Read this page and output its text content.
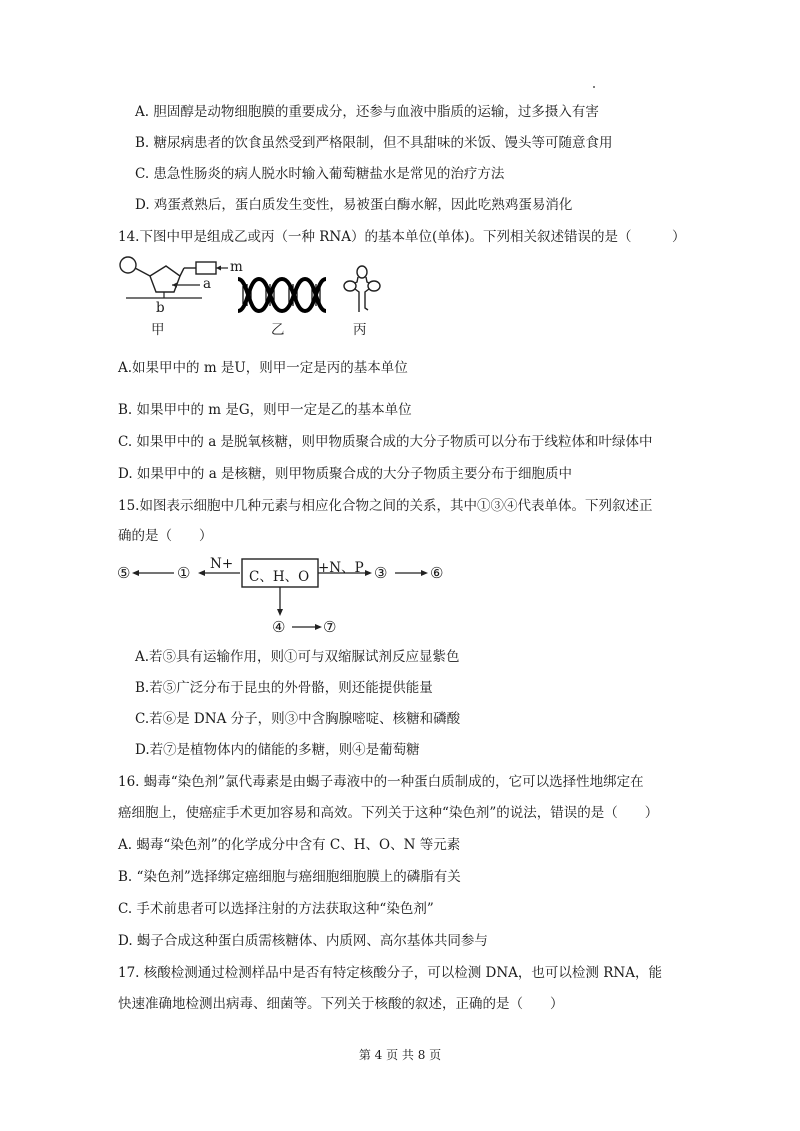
A. 胆固醇是动物细胞膜的重要成分，还参与血液中脂质的运输，过多摄入有害
B. 糖尿病患者的饮食虽然受到严格限制，但不具甜味的米饭、馒头等可随意食用
C. 患急性肠炎的病人脱水时输入葡萄糖盐水是常见的治疗方法
D. 鸡蛋煮熟后，蛋白质发生变性，易被蛋白酶水解，因此吃熟鸡蛋易消化
14.下图中甲是组成乙或丙（一种 RNA）的基本单位(单体)。下列相关叙述错误的是（　　　）
m
a
b
甲	乙	丙
A.如果甲中的 m 是U，则甲一定是丙的基本单位
B. 如果甲中的 m 是G，则甲一定是乙的基本单位
C. 如果甲中的 a 是脱氧核糖，则甲物质聚合成的大分子物质可以分布于线粒体和叶绿体中
D. 如果甲中的 a 是核糖，则甲物质聚合成的大分子物质主要分布于细胞质中
15.如图表示细胞中几种元素与相应化合物之间的关系，其中①③④代表单体。下列叙述正
确的是（　　）
C、H、O
⑤	①	③	⑥
④	⑦
N+	+N、P
A.若⑤具有运输作用，则①可与双缩脲试剂反应显紫色
B.若⑤广泛分布于昆虫的外骨骼，则还能提供能量
C.若⑥是 DNA 分子，则③中含胸腺嘧啶、核糖和磷酸
D.若⑦是植物体内的储能的多糖，则④是葡萄糖
16. 蝎毒“染色剂”氯代毒素是由蝎子毒液中的一种蛋白质制成的，它可以选择性地绑定在
癌细胞上，使癌症手术更加容易和高效。下列关于这种“染色剂”的说法，错误的是（　　）
A. 蝎毒“染色剂”的化学成分中含有 C、H、O、N 等元素
B. “染色剂”选择绑定癌细胞与癌细胞细胞膜上的磷脂有关
C. 手术前患者可以选择注射的方法获取这种“染色剂”
D. 蝎子合成这种蛋白质需核糖体、内质网、高尔基体共同参与
17. 核酸检测通过检测样品中是否有特定核酸分子，可以检测 DNA，也可以检测 RNA，能
快速准确地检测出病毒、细菌等。下列关于核酸的叙述，正确的是（　　）
第 4 页 共 8 页
